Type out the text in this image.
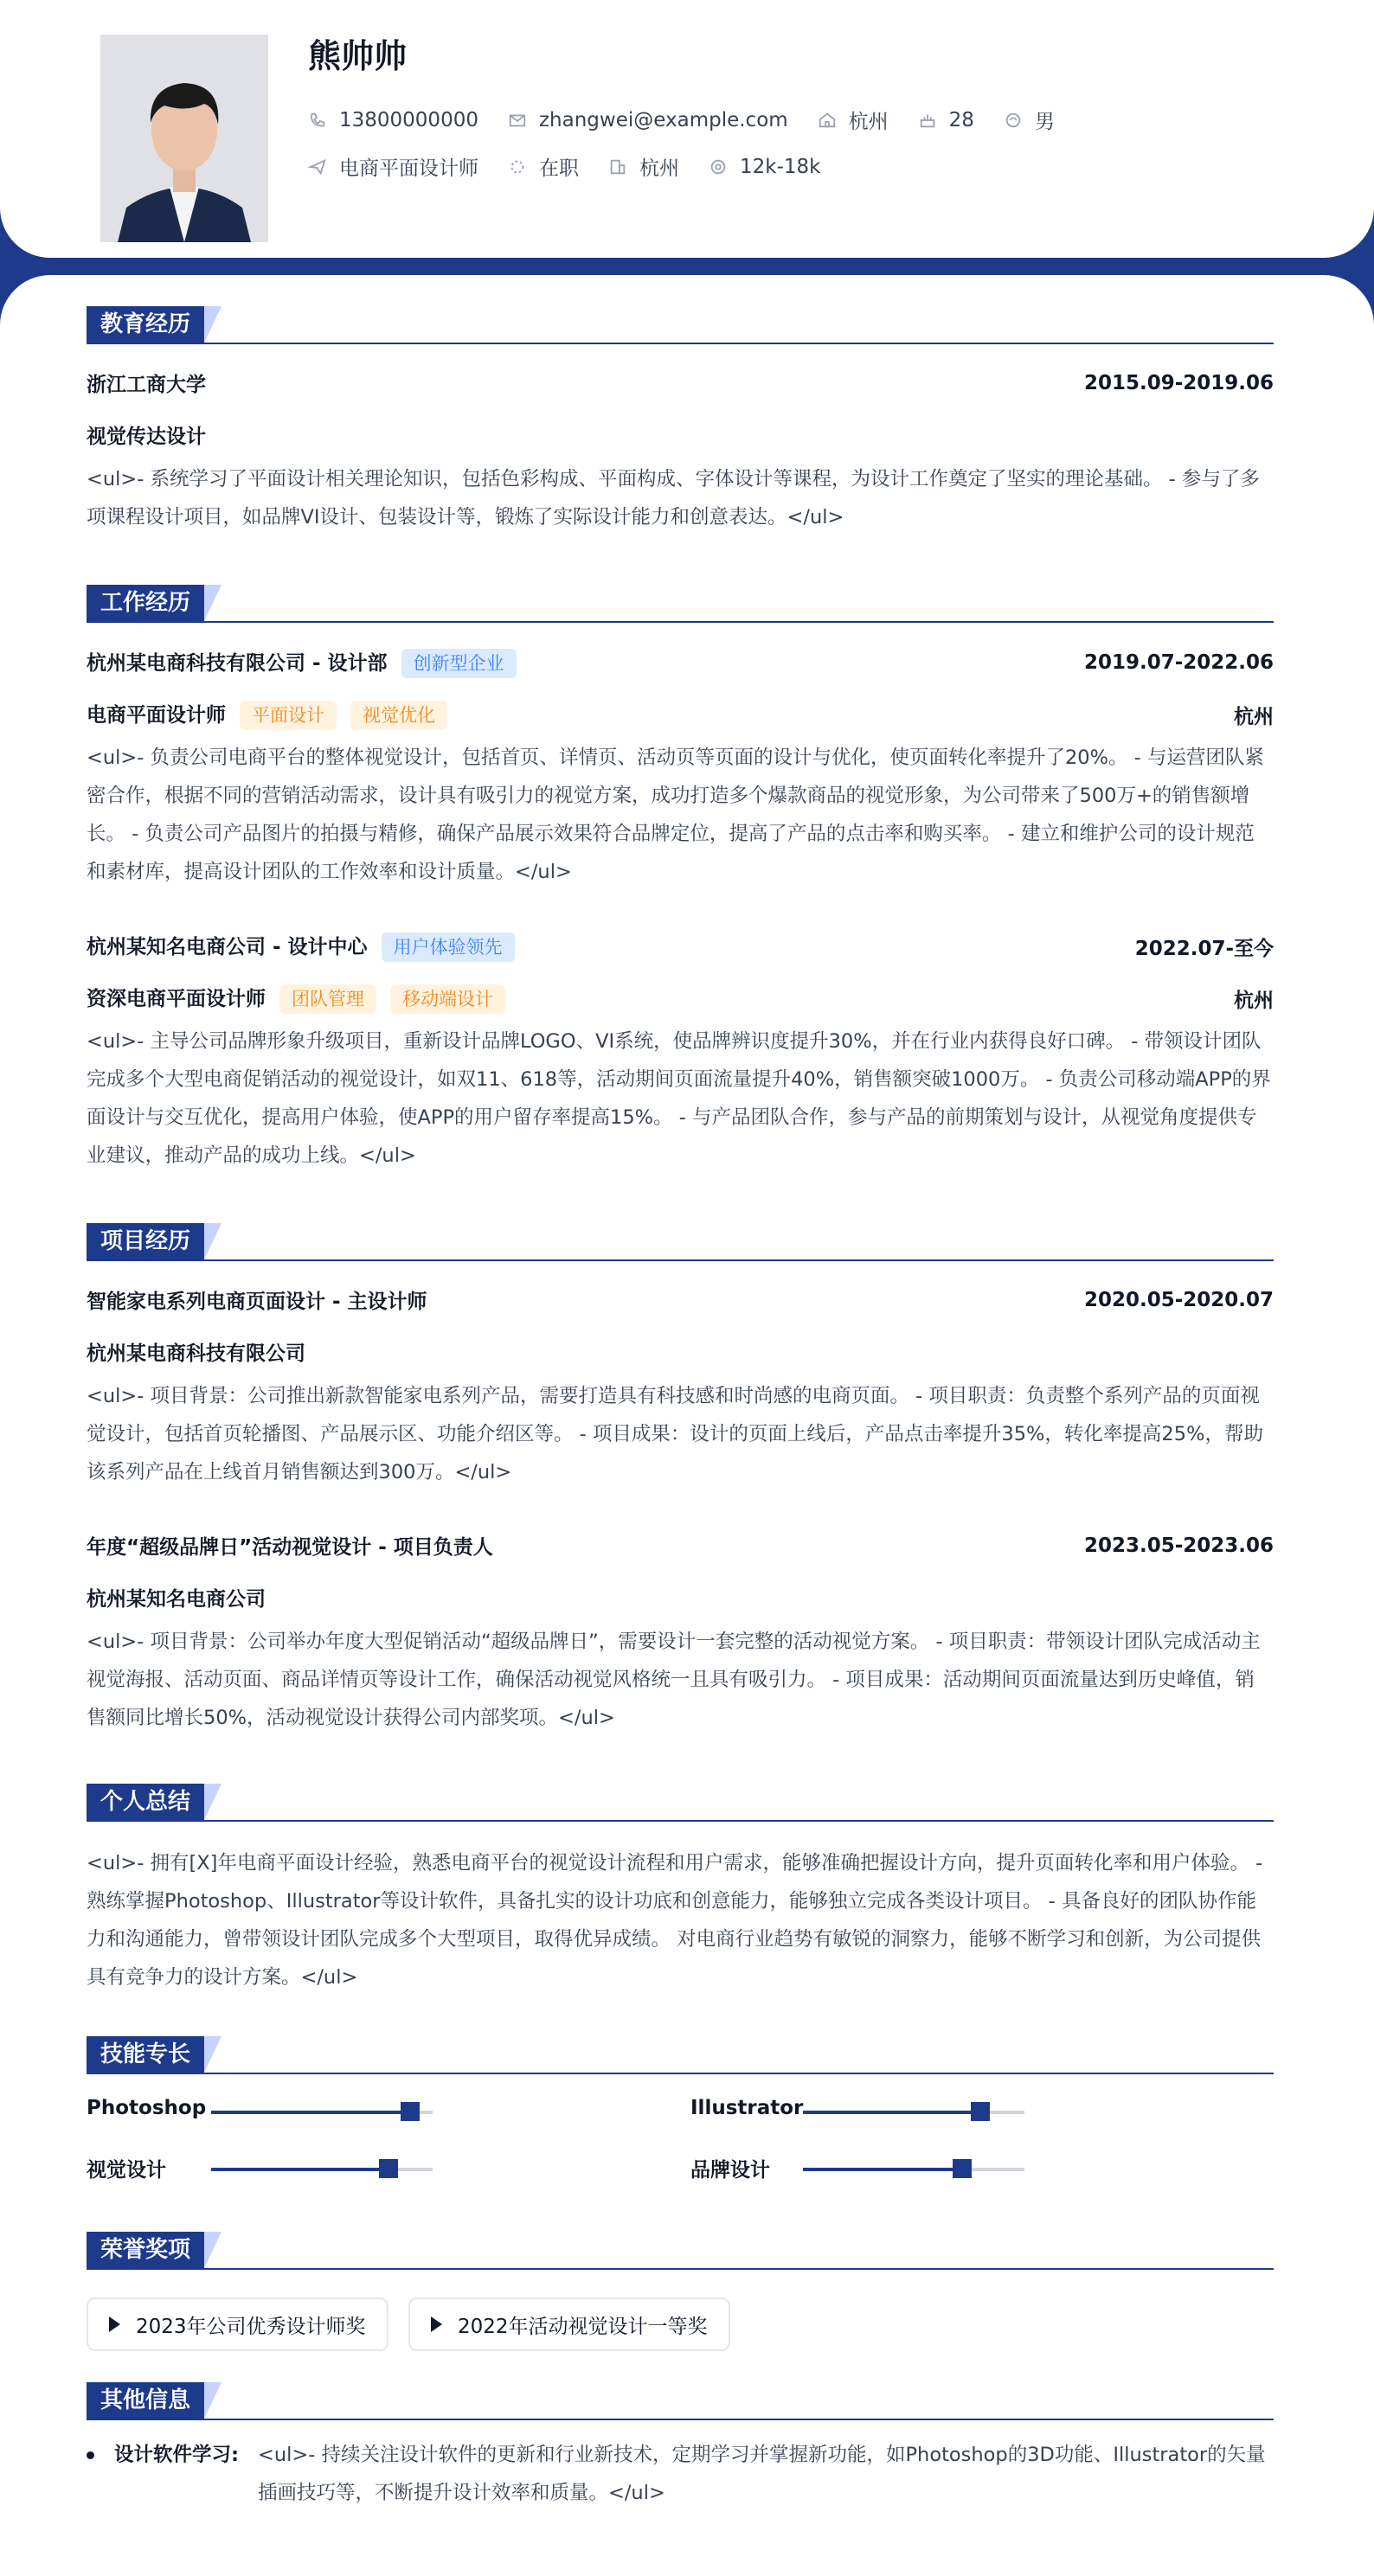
熊帅帅
13800000000	zhangwei@example.com	杭州	28	男
电商平面设计师	在职	杭州	12k-18k
教育经历
浙江工商大学	2015.09-2019.06
视觉传达设计
<ul>- 系统学习了平面设计相关理论知识，包括色彩构成、平面构成、字体设计等课程，为设计工作奠定了坚实的理论基础。 - 参与了多项课程设计项目，如品牌VI设计、包装设计等，锻炼了实际设计能力和创意表达。</ul>
工作经历
杭州某电商科技有限公司 - 设计部 创新型企业	2019.07-2022.06
电商平面设计师 平面设计 视觉优化	杭州
<ul>- 负责公司电商平台的整体视觉设计，包括首页、详情页、活动页等页面的设计与优化，使页面转化率提升了20%。 - 与运营团队紧密合作，根据不同的营销活动需求，设计具有吸引力的视觉方案，成功打造多个爆款商品的视觉形象，为公司带来了500万+的销售额增长。 - 负责公司产品图片的拍摄与精修，确保产品展示效果符合品牌定位，提高了产品的点击率和购买率。 - 建立和维护公司的设计规范和素材库，提高设计团队的工作效率和设计质量。</ul>
杭州某知名电商公司 - 设计中心 用户体验领先	2022.07-至今
资深电商平面设计师 团队管理 移动端设计	杭州
<ul>- 主导公司品牌形象升级项目，重新设计品牌LOGO、VI系统，使品牌辨识度提升30%，并在行业内获得良好口碑。 - 带领设计团队完成多个大型电商促销活动的视觉设计，如双11、618等，活动期间页面流量提升40%，销售额突破1000万。 - 负责公司移动端APP的界面设计与交互优化，提高用户体验，使APP的用户留存率提高15%。 - 与产品团队合作，参与产品的前期策划与设计，从视觉角度提供专业建议，推动产品的成功上线。</ul>
项目经历
智能家电系列电商页面设计 - 主设计师	2020.05-2020.07
杭州某电商科技有限公司
<ul>- 项目背景：公司推出新款智能家电系列产品，需要打造具有科技感和时尚感的电商页面。 - 项目职责：负责整个系列产品的页面视觉设计，包括首页轮播图、产品展示区、功能介绍区等。 - 项目成果：设计的页面上线后，产品点击率提升35%，转化率提高25%，帮助该系列产品在上线首月销售额达到300万。</ul>
年度“超级品牌日”活动视觉设计 - 项目负责人	2023.05-2023.06
杭州某知名电商公司
<ul>- 项目背景：公司举办年度大型促销活动“超级品牌日”，需要设计一套完整的活动视觉方案。 - 项目职责：带领设计团队完成活动主视觉海报、活动页面、商品详情页等设计工作，确保活动视觉风格统一且具有吸引力。 - 项目成果：活动期间页面流量达到历史峰值，销售额同比增长50%，活动视觉设计获得公司内部奖项。</ul>
个人总结
<ul>- 拥有[X]年电商平面设计经验，熟悉电商平台的视觉设计流程和用户需求，能够准确把握设计方向，提升页面转化率和用户体验。 - 熟练掌握Photoshop、Illustrator等设计软件，具备扎实的设计功底和创意能力，能够独立完成各类设计项目。 - 具备良好的团队协作能力和沟通能力，曾带领设计团队完成多个大型项目，取得优异成绩。 对电商行业趋势有敏锐的洞察力，能够不断学习和创新，为公司提供具有竞争力的设计方案。</ul>
技能专长
Photoshop	Illustrator
视觉设计	品牌设计
荣誉奖项
2023年公司优秀设计师奖	2022年活动视觉设计一等奖
其他信息
设计软件学习: <ul>- 持续关注设计软件的更新和行业新技术，定期学习并掌握新功能，如Photoshop的3D功能、Illustrator的矢量插画技巧等，不断提升设计效率和质量。</ul>
